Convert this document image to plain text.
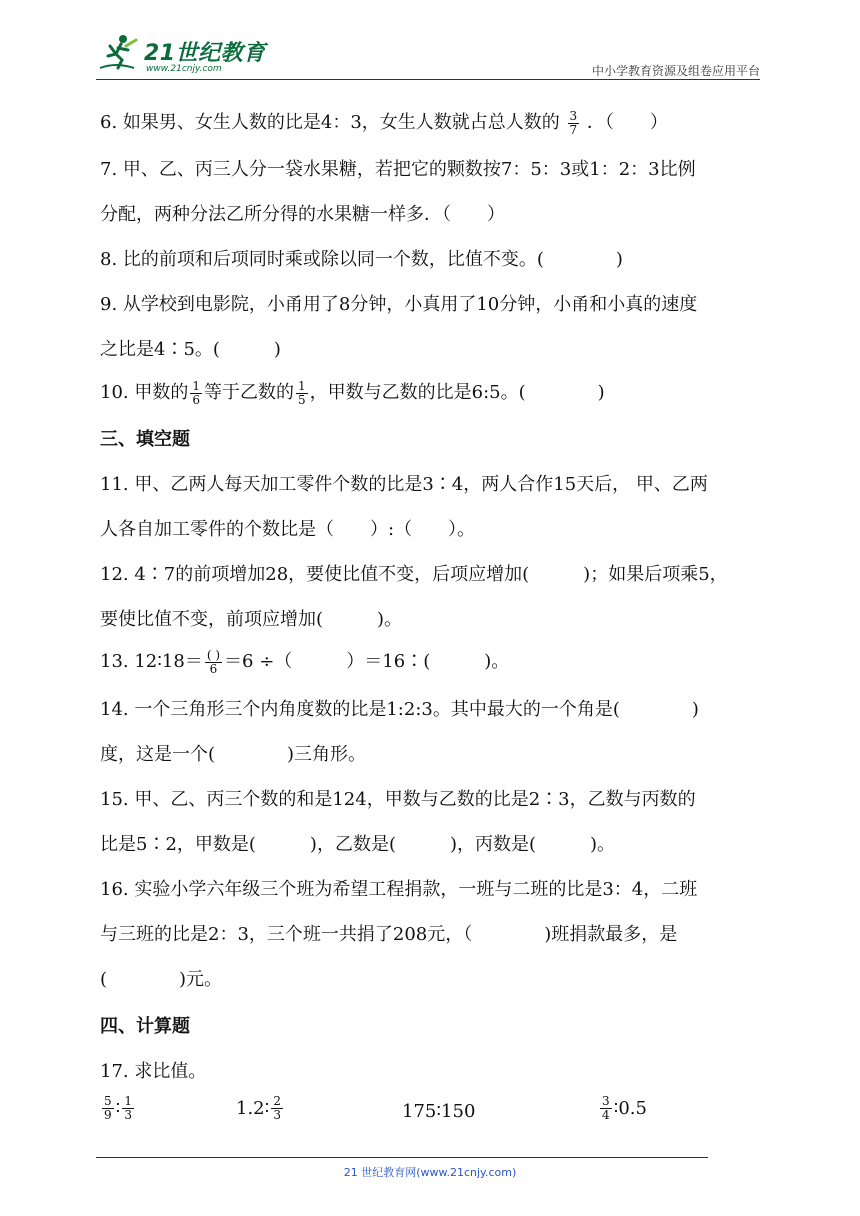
21世纪教育
www.21cnjy.com	中小学教育资源及组卷应用平台
6. 如果男、女生人数的比是4：3，女生人数就占总人数的 $\frac{3}{7}$ ．（　　）
7. 甲、乙、丙三人分一袋水果糖，若把它的颗数按7：5：3或1：2：3比例
分配，两种分法乙所分得的水果糖一样多．（　　）
8. 比的前项和后项同时乘或除以同一个数，比值不变。(　　　　)
9. 从学校到电影院，小甬用了8分钟，小真用了10分钟，小甬和小真的速度
之比是4∶5。(　　　)
10. 甲数的 $\frac{1}{6}$ 等于乙数的 $\frac{1}{5}$ ，甲数与乙数的比是6:5。(　　　　)
三、填空题
11. 甲、乙两人每天加工零件个数的比是3∶4，两人合作15天后， 甲、乙两
人各自加工零件的个数比是（　　）:（　　）。
12. 4∶7的前项增加28，要使比值不变，后项应增加(　　　)；如果后项乘5，
要使比值不变，前项应增加(　　　)。
13. 12∶18＝ $\frac{( )}{6} =6$ ÷（　　　）＝16∶(　　　)。
14. 一个三角形三个内角度数的比是1:2:3。其中最大的一个角是(　　　　)
度，这是一个(　　　　)三角形。
15. 甲、乙、丙三个数的和是124，甲数与乙数的比是2∶3，乙数与丙数的
比是5∶2，甲数是(　　　)，乙数是(　　　)，丙数是(　　　)。
16. 实验小学六年级三个班为希望工程捐款，一班与二班的比是3：4，二班
与三班的比是2：3，三个班一共捐了208元，（　　　　)班捐款最多，是
(　　　　)元。
四、计算题
17. 求比值。
$\frac{5}{9}$ ∶ $\frac{1}{3}$	1.2∶ $\frac{2}{3}$	175∶150	$\frac{3}{4}$ ∶0.5
21 世纪教育网(www.21cnjy.com)
